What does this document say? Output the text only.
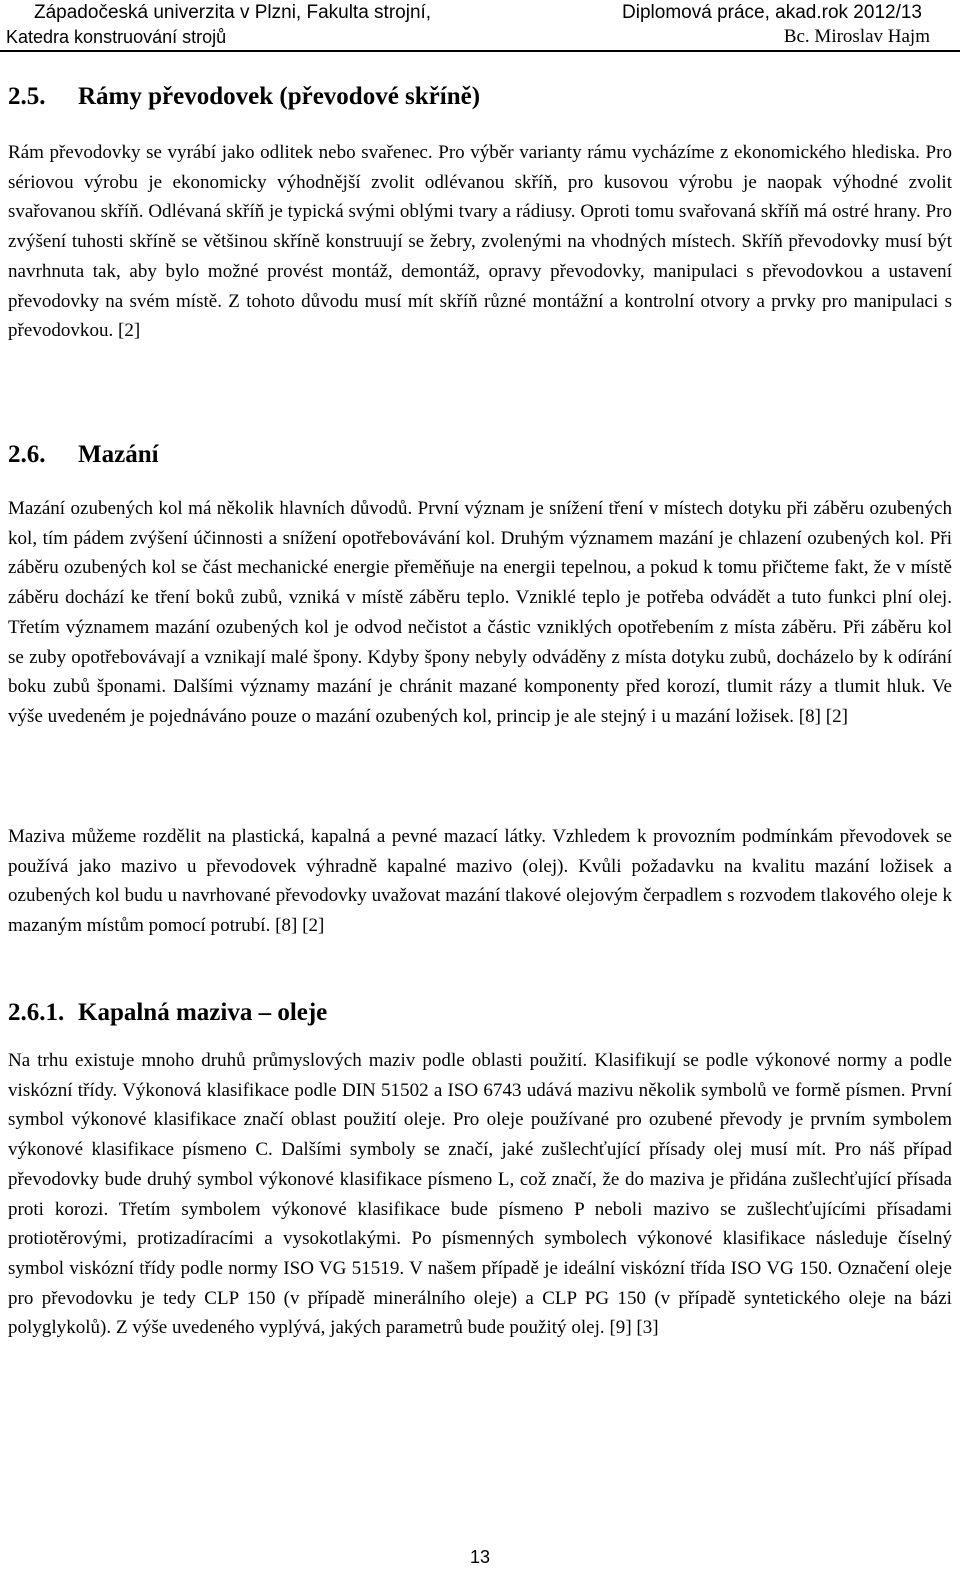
Západočeská univerzita v Plzni, Fakulta strojní,
Katedra konstruování strojů
Diplomová práce, akad.rok 2012/13
Bc. Miroslav Hajm
2.5. Rámy převodovek (převodové skříně)

Rám převodovky se vyrábí jako odlitek nebo svařenec. Pro výběr varianty rámu vycházíme z ekonomického hlediska. Pro sériovou výrobu je ekonomicky výhodnější zvolit odlévanou skříň, pro kusovou výrobu je naopak výhodné zvolit svařovanou skříň. Odlévaná skříň je typická svými oblými tvary a rádiusy. Oproti tomu svařovaná skříň má ostré hrany. Pro zvýšení tuhosti skříně se většinou skříně konstruují se žebry, zvolenými na vhodných místech. Skříň převodovky musí být navrhnuta tak, aby bylo možné provést montáž, demontáž, opravy převodovky, manipulaci s převodovkou a ustavení převodovky na svém místě. Z tohoto důvodu musí mít skříň různé montážní a kontrolní otvory a prvky pro manipulaci s převodovkou. [2]

2.6. Mazání

Mazání ozubených kol má několik hlavních důvodů. První význam je snížení tření v místech dotyku při záběru ozubených kol, tím pádem zvýšení účinnosti a snížení opotřebovávání kol. Druhým významem mazání je chlazení ozubených kol. Při záběru ozubených kol se část mechanické energie přeměňuje na energii tepelnou, a pokud k tomu přičteme fakt, že v místě záběru dochází ke tření boků zubů, vzniká v místě záběru teplo. Vzniklé teplo je potřeba odvádět a tuto funkci plní olej. Třetím významem mazání ozubených kol je odvod nečistot a částic vzniklých opotřebením z místa záběru. Při záběru kol se zuby opotřebovávají a vznikají malé špony. Kdyby špony nebyly odváděny z místa dotyku zubů, docházelo by k odírání boku zubů šponami. Dalšími významy mazání je chránit mazané komponenty před korozí, tlumit rázy a tlumit hluk. Ve výše uvedeném je pojednáváno pouze o mazání ozubených kol, princip je ale stejný i u mazání ložisek. [8] [2]

Maziva můžeme rozdělit na plastická, kapalná a pevné mazací látky. Vzhledem k provozním podmínkám převodovek se používá jako mazivo u převodovek výhradně kapalné mazivo (olej). Kvůli požadavku na kvalitu mazání ložisek a ozubených kol budu u navrhované převodovky uvažovat mazání tlakové olejovým čerpadlem s rozvodem tlakového oleje k mazaným místům pomocí potrubí. [8] [2]

2.6.1. Kapalná maziva – oleje

Na trhu existuje mnoho druhů průmyslových maziv podle oblasti použití. Klasifikují se podle výkonové normy a podle viskózní třídy. Výkonová klasifikace podle DIN 51502 a ISO 6743 udává mazivu několik symbolů ve formě písmen. První symbol výkonové klasifikace značí oblast použití oleje. Pro oleje používané pro ozubené převody je prvním symbolem výkonové klasifikace písmeno C. Dalšími symboly se značí, jaké zušlechťující přísady olej musí mít. Pro náš případ převodovky bude druhý symbol výkonové klasifikace písmeno L, což značí, že do maziva je přidána zušlechťující přísada proti korozi. Třetím symbolem výkonové klasifikace bude písmeno P neboli mazivo se zušlechťujícími přísadami protiotěrovými, protizadíracími a vysokotlakými. Po písmenných symbolech výkonové klasifikace následuje číselný symbol viskózní třídy podle normy ISO VG 51519. V našem případě je ideální viskózní třída ISO VG 150. Označení oleje pro převodovku je tedy CLP 150 (v případě minerálního oleje) a CLP PG 150 (v případě syntetického oleje na bázi polyglykolů). Z výše uvedeného vyplývá, jakých parametrů bude použitý olej. [9] [3]

13
